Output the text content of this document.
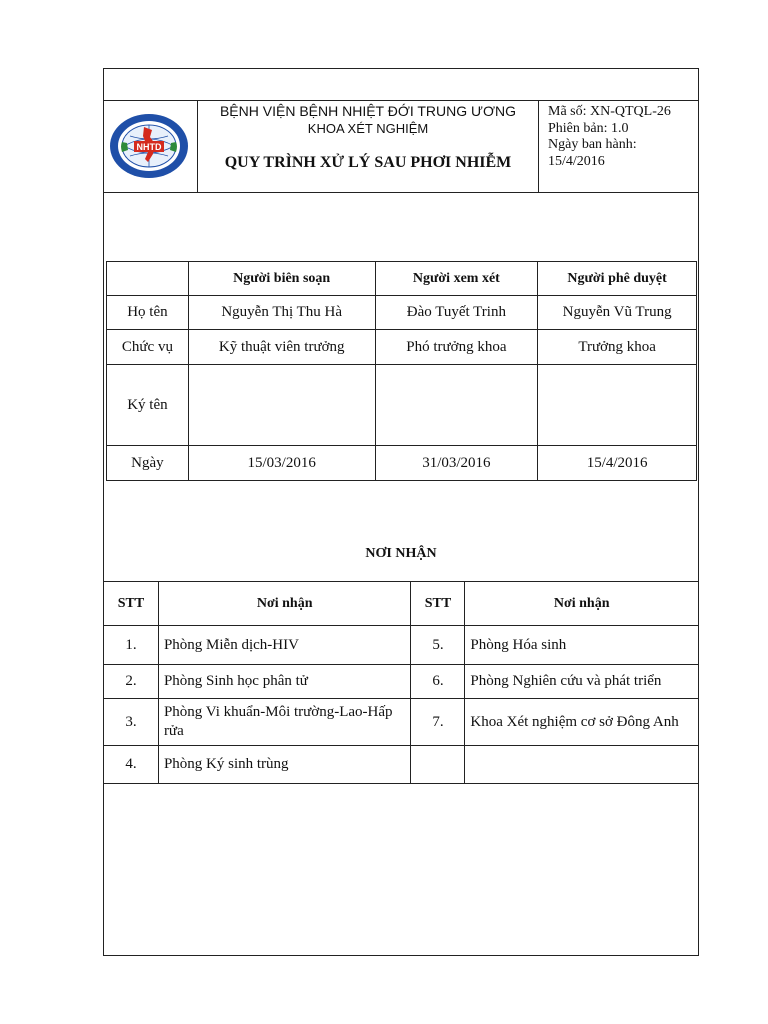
NHTD
BỆNH VIỆN BỆNH NHIỆT ĐỚI TRUNG ƯƠNG
KHOA XÉT NGHIỆM
QUY TRÌNH XỬ LÝ SAU PHƠI NHIỄM
Mã số: XN-QTQL-26
Phiên bản: 1.0
Ngày ban hành:
15/4/2016
	Người biên soạn	Người xem xét	Người phê duyệt
Họ tên	Nguyễn Thị Thu Hà	Đào Tuyết Trinh	Nguyễn Vũ Trung
Chức vụ	Kỹ thuật viên trưởng	Phó trưởng khoa	Trưởng khoa
Ký tên			
Ngày	15/03/2016	31/03/2016	15/4/2016
NƠI NHẬN
STT	Nơi nhận	STT	Nơi nhận
1.	Phòng Miễn dịch-HIV	5.	Phòng Hóa sinh
2.	Phòng Sinh học phân tử	6.	Phòng Nghiên cứu và phát triển
3.	Phòng Vi khuẩn-Môi trường-Lao-Hấp rửa	7.	Khoa Xét nghiệm cơ sở Đông Anh
4.	Phòng Ký sinh trùng		
